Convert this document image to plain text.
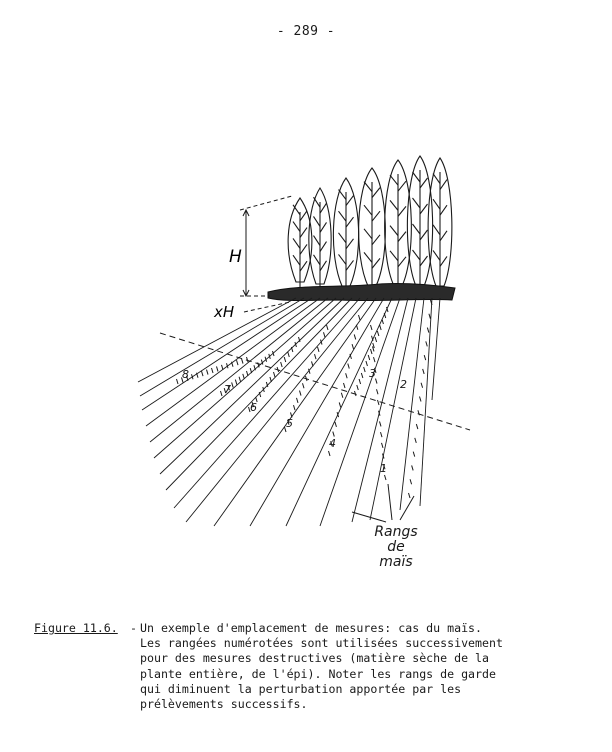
- 289 -
H
xH
1
2
3
4
5
6
7
8
Rangs
de
maïs
Figure 11.6. - Un exemple d'emplacement de mesures: cas du maïs.
Les rangées numérotées sont utilisées successivement
pour des mesures destructives (matière sèche de la
plante entière, de l'épi). Noter les rangs de garde
qui diminuent la perturbation apportée par les
prélèvements successifs.
